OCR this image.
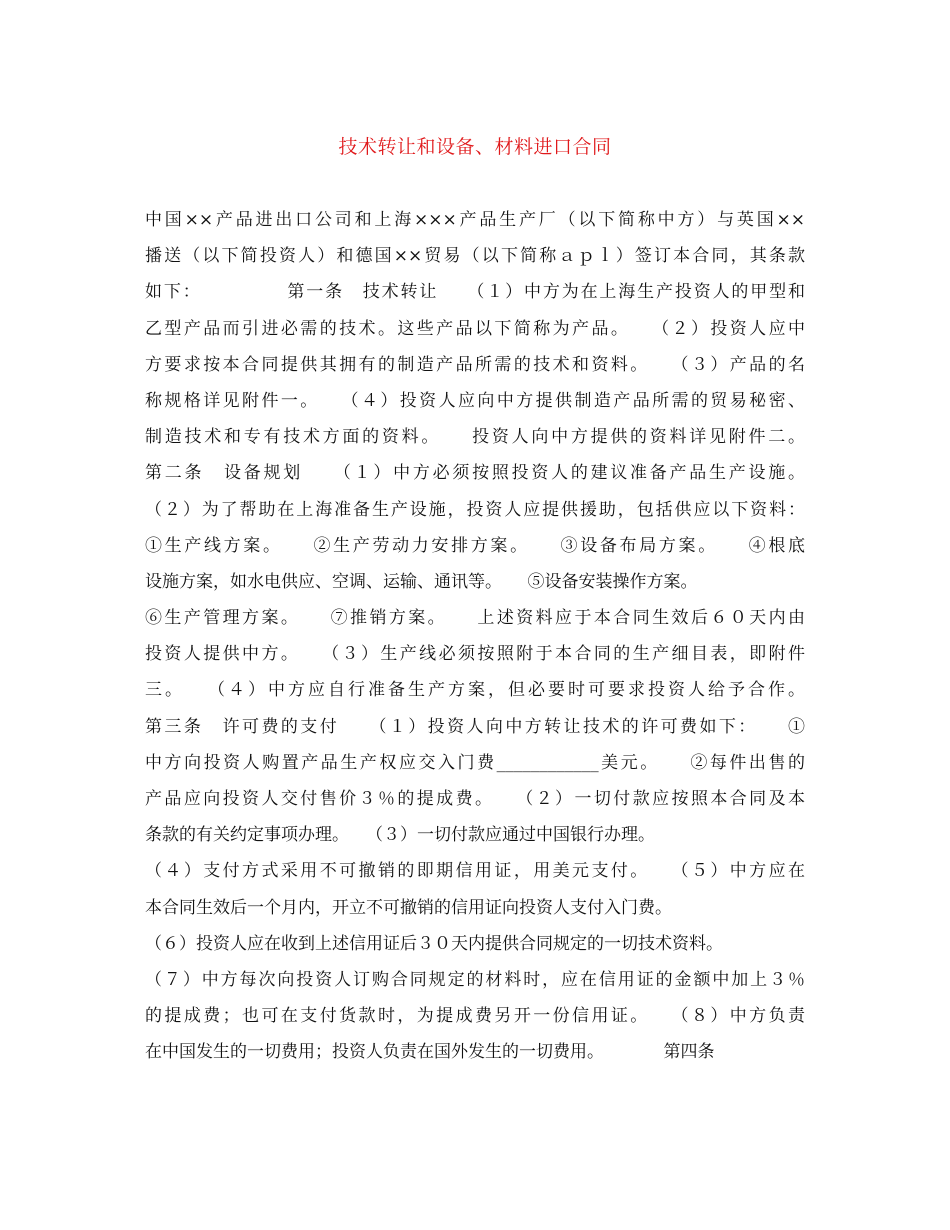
技术转让和设备、材料进口合同
中国××产品进出口公司和上海×××产品生产厂（以下简称中方）与英国××
播送（以下简投资人）和德国××贸易（以下简称ａｐｌ）签订本合同，其条款
如下：　　　　　第一条　技术转让　　（１）中方为在上海生产投资人的甲型和
乙型产品而引进必需的技术。这些产品以下简称为产品。　　（２）投资人应中
方要求按本合同提供其拥有的制造产品所需的技术和资料。　　（３）产品的名
称规格详见附件一。　　（４）投资人应向中方提供制造产品所需的贸易秘密、
制造技术和专有技术方面的资料。　　投资人向中方提供的资料详见附件二。
第二条　设备规划　　（１）中方必须按照投资人的建议准备产品生产设施。
（２）为了帮助在上海准备生产设施，投资人应提供援助，包括供应以下资料：
①生产线方案。　　②生产劳动力安排方案。　　③设备布局方案。　　④根底
设施方案，如水电供应、空调、运输、通讯等。　　⑤设备安装操作方案。
⑥生产管理方案。　　⑦推销方案。　　上述资料应于本合同生效后６０天内由
投资人提供中方。　　（３）生产线必须按照附于本合同的生产细目表，即附件
三。　　（４）中方应自行准备生产方案，但必要时可要求投资人给予合作。
第三条　许可费的支付　　（１）投资人向中方转让技术的许可费如下：　　①
中方向投资人购置产品生产权应交入门费____________美元。　　②每件出售的
产品应向投资人交付售价３％的提成费。　　（２）一切付款应按照本合同及本
条款的有关约定事项办理。　　（３）一切付款应通过中国银行办理。
（４）支付方式采用不可撤销的即期信用证，用美元支付。　　（５）中方应在
本合同生效后一个月内，开立不可撤销的信用证向投资人支付入门费。
（６）投资人应在收到上述信用证后３０天内提供合同规定的一切技术资料。
（７）中方每次向投资人订购合同规定的材料时，应在信用证的金额中加上３％
的提成费；也可在支付货款时，为提成费另开一份信用证。　　（８）中方负责
在中国发生的一切费用；投资人负责在国外发生的一切费用。　　　　第四条
